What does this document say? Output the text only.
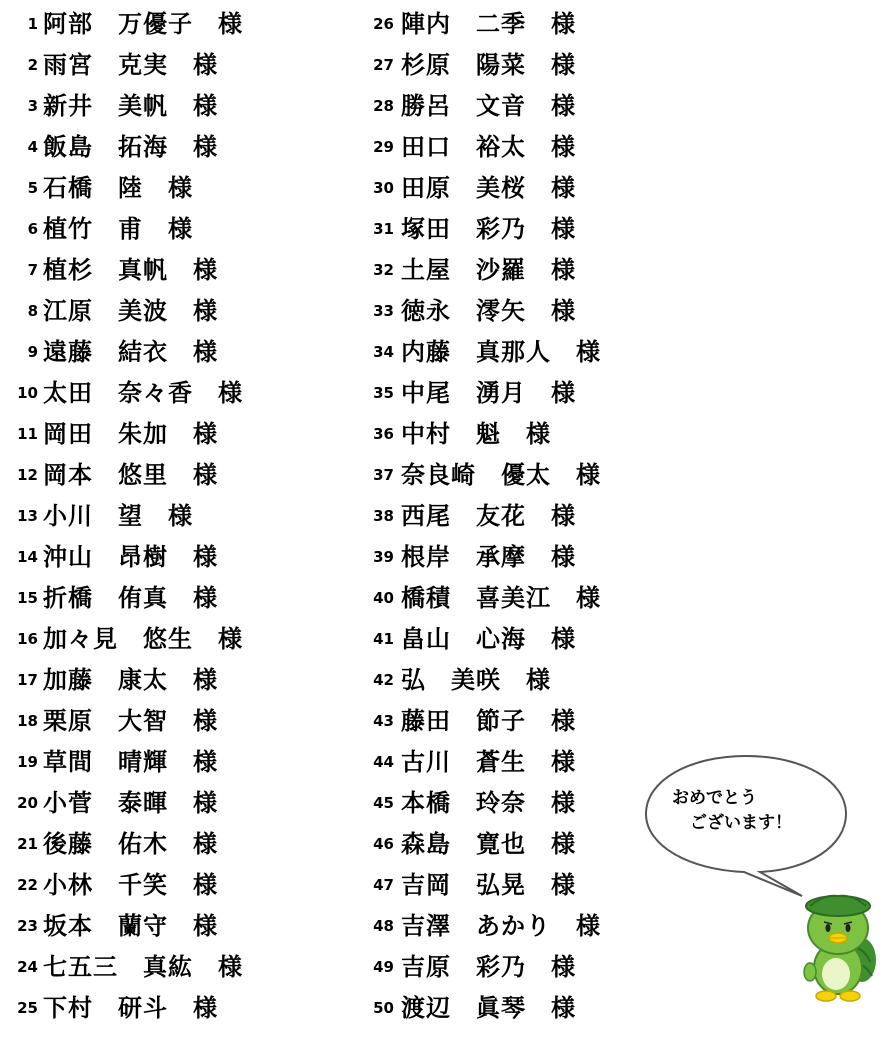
1 阿部　万優子　様
2 雨宮　克実　様
3 新井　美帆　様
4 飯島　拓海　様
5 石橋　陸　様
6 植竹　甫　様
7 植杉　真帆　様
8 江原　美波　様
9 遠藤　結衣　様
10 太田　奈々香　様
11 岡田　朱加　様
12 岡本　悠里　様
13 小川　望　様
14 沖山　昂樹　様
15 折橋　侑真　様
16 加々見　悠生　様
17 加藤　康太　様
18 栗原　大智　様
19 草間　晴輝　様
20 小菅　泰暉　様
21 後藤　佑木　様
22 小林　千笑　様
23 坂本　蘭守　様
24 七五三　真紘　様
25 下村　研斗　様
26 陣内　二季　様
27 杉原　陽菜　様
28 勝呂　文音　様
29 田口　裕太　様
30 田原　美桜　様
31 塚田　彩乃　様
32 土屋　沙羅　様
33 徳永　澪矢　様
34 内藤　真那人　様
35 中尾　湧月　様
36 中村　魁　様
37 奈良崎　優太　様
38 西尾　友花　様
39 根岸　承摩　様
40 橋積　喜美江　様
41 畠山　心海　様
42 弘　美咲　様
43 藤田　節子　様
44 古川　蒼生　様
45 本橋　玲奈　様
46 森島　寛也　様
47 吉岡　弘晃　様
48 吉澤　あかり　様
49 吉原　彩乃　様
50 渡辺　眞琴　様
おめでとう
ございます！
